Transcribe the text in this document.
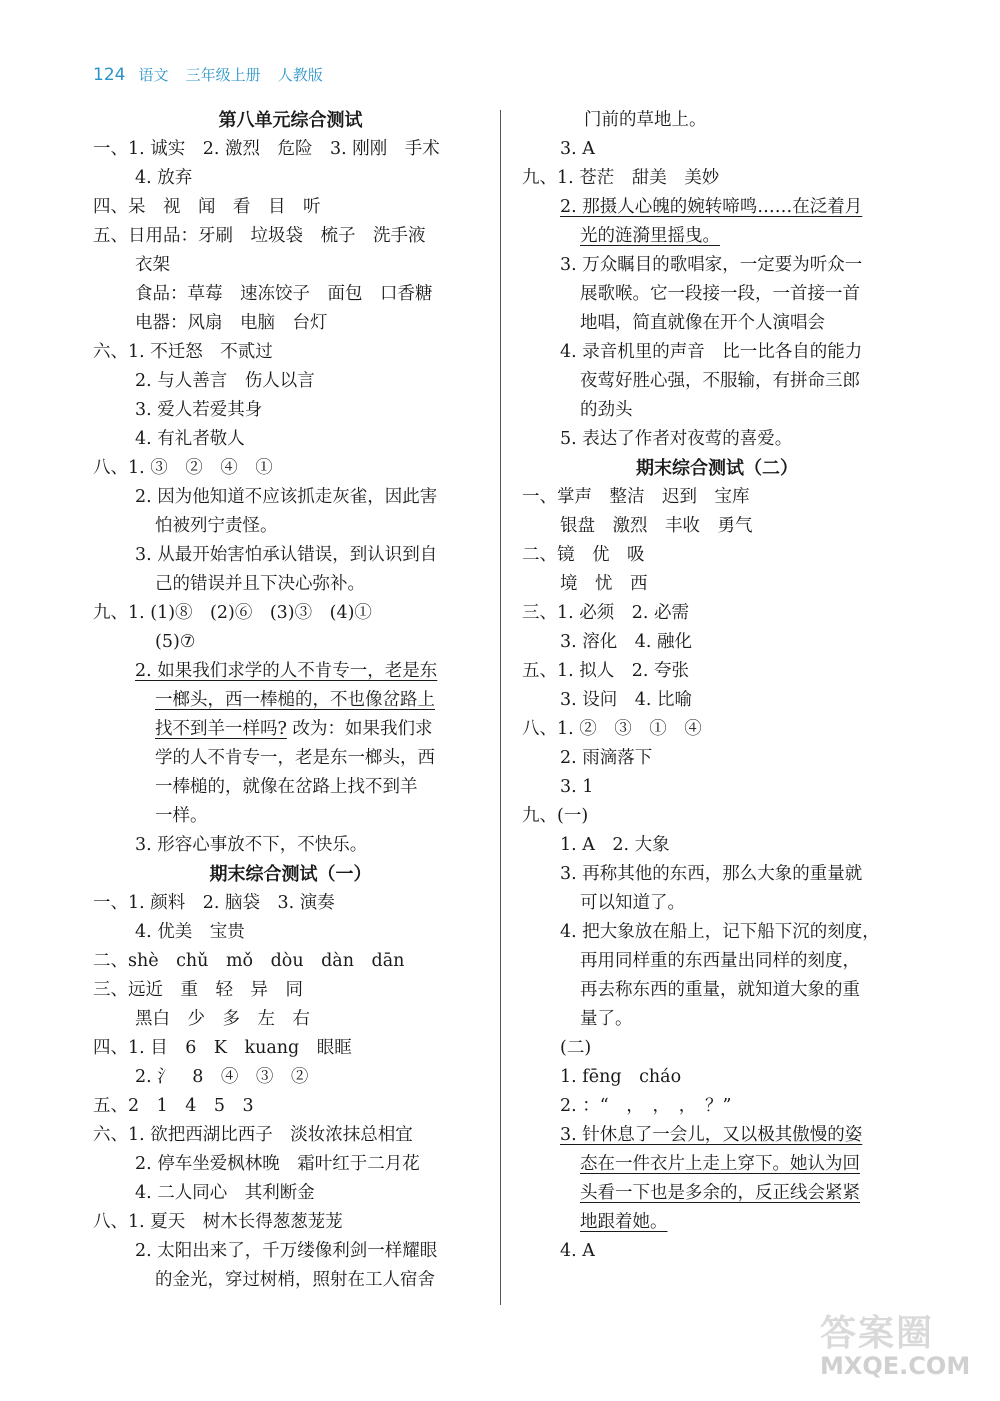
124 语文 三年级上册 人教版
第八单元综合测试
一、1. 诚实　2. 激烈　危险　3. 刚刚　手术
4. 放弃
四、呆　视　闻　看　目　听
五、日用品：牙刷　垃圾袋　梳子　洗手液
衣架
食品：草莓　速冻饺子　面包　口香糖
电器：风扇　电脑　台灯
六、1. 不迁怒　不贰过
2. 与人善言　伤人以言
3. 爱人若爱其身
4. 有礼者敬人
八、1. ③　②　④　①
2. 因为他知道不应该抓走灰雀，因此害
怕被列宁责怪。
3. 从最开始害怕承认错误，到认识到自
己的错误并且下决心弥补。
九、1. (1)⑧　(2)⑥　(3)③　(4)①
(5)⑦
2. 如果我们求学的人不肯专一，老是东
一榔头，西一棒槌的，不也像岔路上
找不到羊一样吗? 改为：如果我们求
学的人不肯专一，老是东一榔头，西
一棒槌的，就像在岔路上找不到羊
一样。
3. 形容心事放不下，不快乐。
期末综合测试（一）
一、1. 颜料　2. 脑袋　3. 演奏
4. 优美　宝贵
二、shè　chǔ　mǒ　dòu　dàn　dān
三、远近　重　轻　异　同
黑白　少　多　左　右
四、1. 目　6　K　kuang　眼眶
2. 氵　8　④　③　②
五、2　1　4　5　3
六、1. 欲把西湖比西子　淡妆浓抹总相宜
2. 停车坐爱枫林晚　霜叶红于二月花
4. 二人同心　其利断金
八、1. 夏天　树木长得葱葱茏茏
2. 太阳出来了，千万缕像利剑一样耀眼
的金光，穿过树梢，照射在工人宿舍
门前的草地上。
3. A
九、1. 苍茫　甜美　美妙
2. 那摄人心魄的婉转啼鸣……在泛着月
光的涟漪里摇曳。
3. 万众瞩目的歌唱家，一定要为听众一
展歌喉。它一段接一段，一首接一首
地唱，简直就像在开个人演唱会
4. 录音机里的声音　比一比各自的能力
夜莺好胜心强，不服输，有拼命三郎
的劲头
5. 表达了作者对夜莺的喜爱。
期末综合测试（二）
一、掌声　整洁　迟到　宝库
银盘　激烈　丰收　勇气
二、镜　优　吸
境　忧　西
三、1. 必须　2. 必需
3. 溶化　4. 融化
五、1. 拟人　2. 夸张
3. 设问　4. 比喻
八、1. ②　③　①　④
2. 雨滴落下
3. 1
九、(一)
1. A　2. 大象
3. 再称其他的东西，那么大象的重量就
可以知道了。
4. 把大象放在船上，记下船下沉的刻度，
再用同样重的东西量出同样的刻度，
再去称东西的重量，就知道大象的重
量了。
(二)
1. fēng　cháo
2. ：“　，　，　，　？”
3. 针休息了一会儿，又以极其傲慢的姿
态在一件衣片上走上穿下。她认为回
头看一下也是多余的，反正线会紧紧
地跟着她。
4. A
答案圈
MXQE.COM
